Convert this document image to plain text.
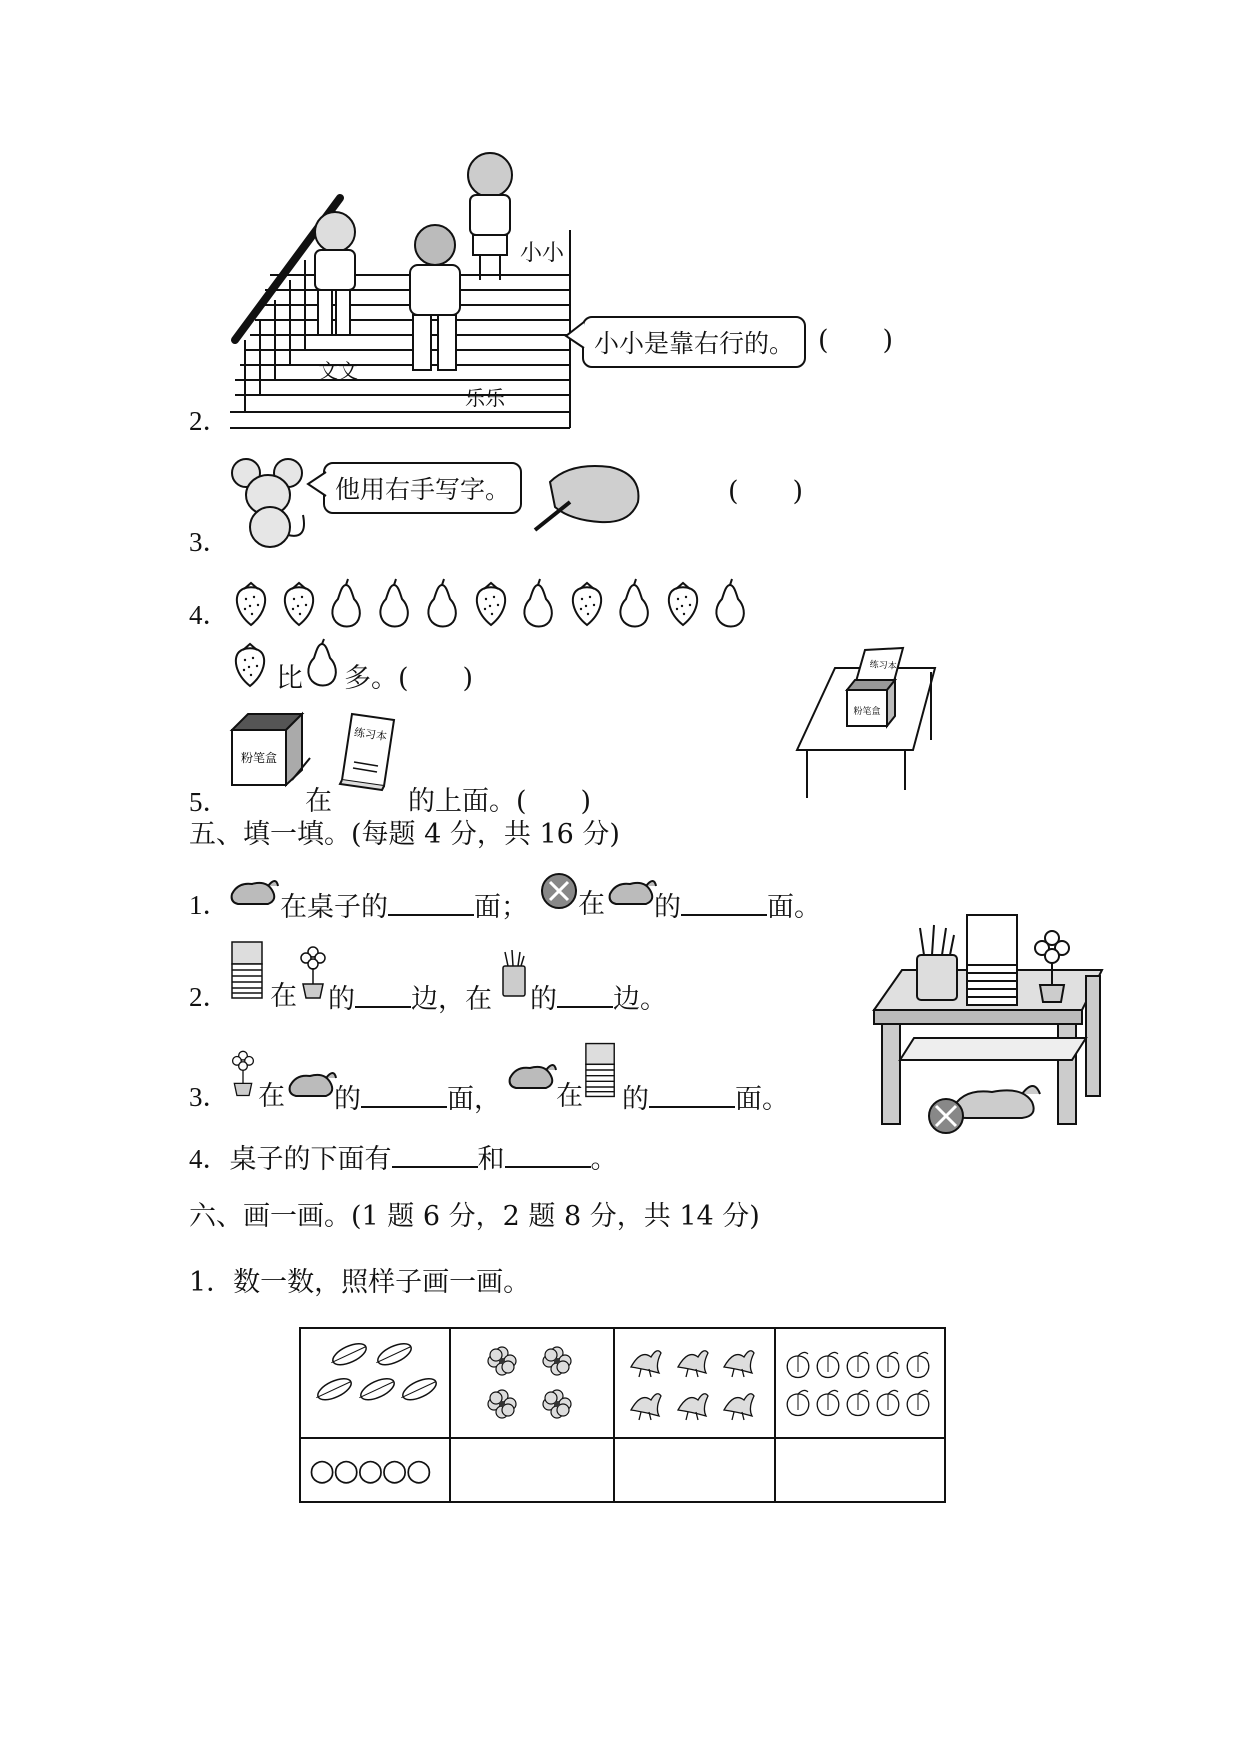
2．
小小
文文
乐乐
小小是靠右行的。 (　　)
3．
他用右手写字。	(　　)
4．
比 多。(　　)
5．
粉笔盒
在
练习本
的上面。(　　)
练习本
粉笔盒
五、填一填。(每题 4 分，共 16 分)
1． 在桌子的	面； 在 的	面。
2． 在 的 边，在 的 边。
3． 在 的	面， 在 的	面。
4．桌子的下面有	和	。
六、画一画。(1 题 6 分，2 题 8 分，共 14 分)
1．数一数，照样子画一画。

○○○○○			
